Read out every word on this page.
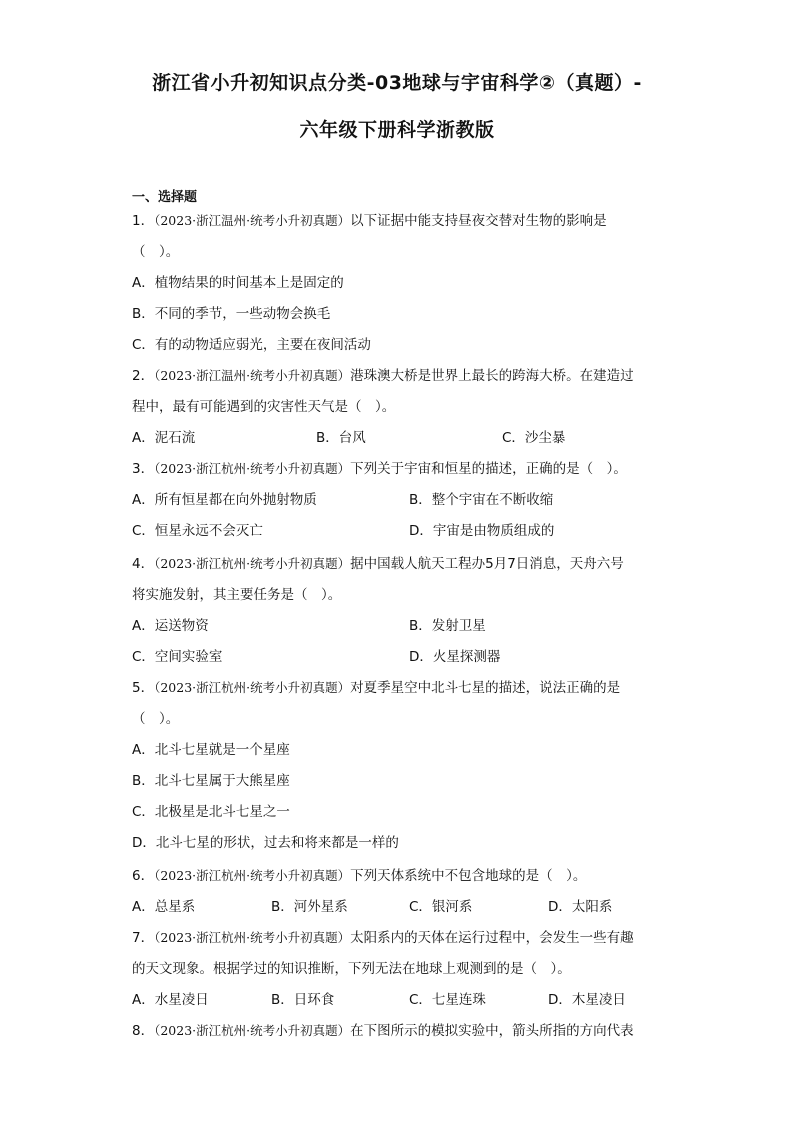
浙江省小升初知识点分类-03地球与宇宙科学②（真题）-
六年级下册科学浙教版
一、选择题
1．（2023·浙江温州·统考小升初真题）以下证据中能支持昼夜交替对生物的影响是
（　）。
A．植物结果的时间基本上是固定的
B．不同的季节，一些动物会换毛
C．有的动物适应弱光，主要在夜间活动
2．（2023·浙江温州·统考小升初真题）港珠澳大桥是世界上最长的跨海大桥。在建造过
程中，最有可能遇到的灾害性天气是（　）。
A．泥石流	B．台风	C．沙尘暴
3．（2023·浙江杭州·统考小升初真题）下列关于宇宙和恒星的描述，正确的是（　）。
A．所有恒星都在向外抛射物质	B．整个宇宙在不断收缩
C．恒星永远不会灭亡	D．宇宙是由物质组成的
4．（2023·浙江杭州·统考小升初真题）据中国载人航天工程办5月7日消息，天舟六号
将实施发射，其主要任务是（　）。
A．运送物资	B．发射卫星
C．空间实验室	D．火星探测器
5．（2023·浙江杭州·统考小升初真题）对夏季星空中北斗七星的描述，说法正确的是
（　）。
A．北斗七星就是一个星座
B．北斗七星属于大熊星座
C．北极星是北斗七星之一
D．北斗七星的形状，过去和将来都是一样的
6．（2023·浙江杭州·统考小升初真题）下列天体系统中不包含地球的是（　）。
A．总星系	B．河外星系	C．银河系	D．太阳系
7．（2023·浙江杭州·统考小升初真题）太阳系内的天体在运行过程中，会发生一些有趣
的天文现象。根据学过的知识推断，下列无法在地球上观测到的是（　）。
A．水星凌日	B．日环食	C．七星连珠	D．木星凌日
8．（2023·浙江杭州·统考小升初真题）在下图所示的模拟实验中，箭头所指的方向代表
